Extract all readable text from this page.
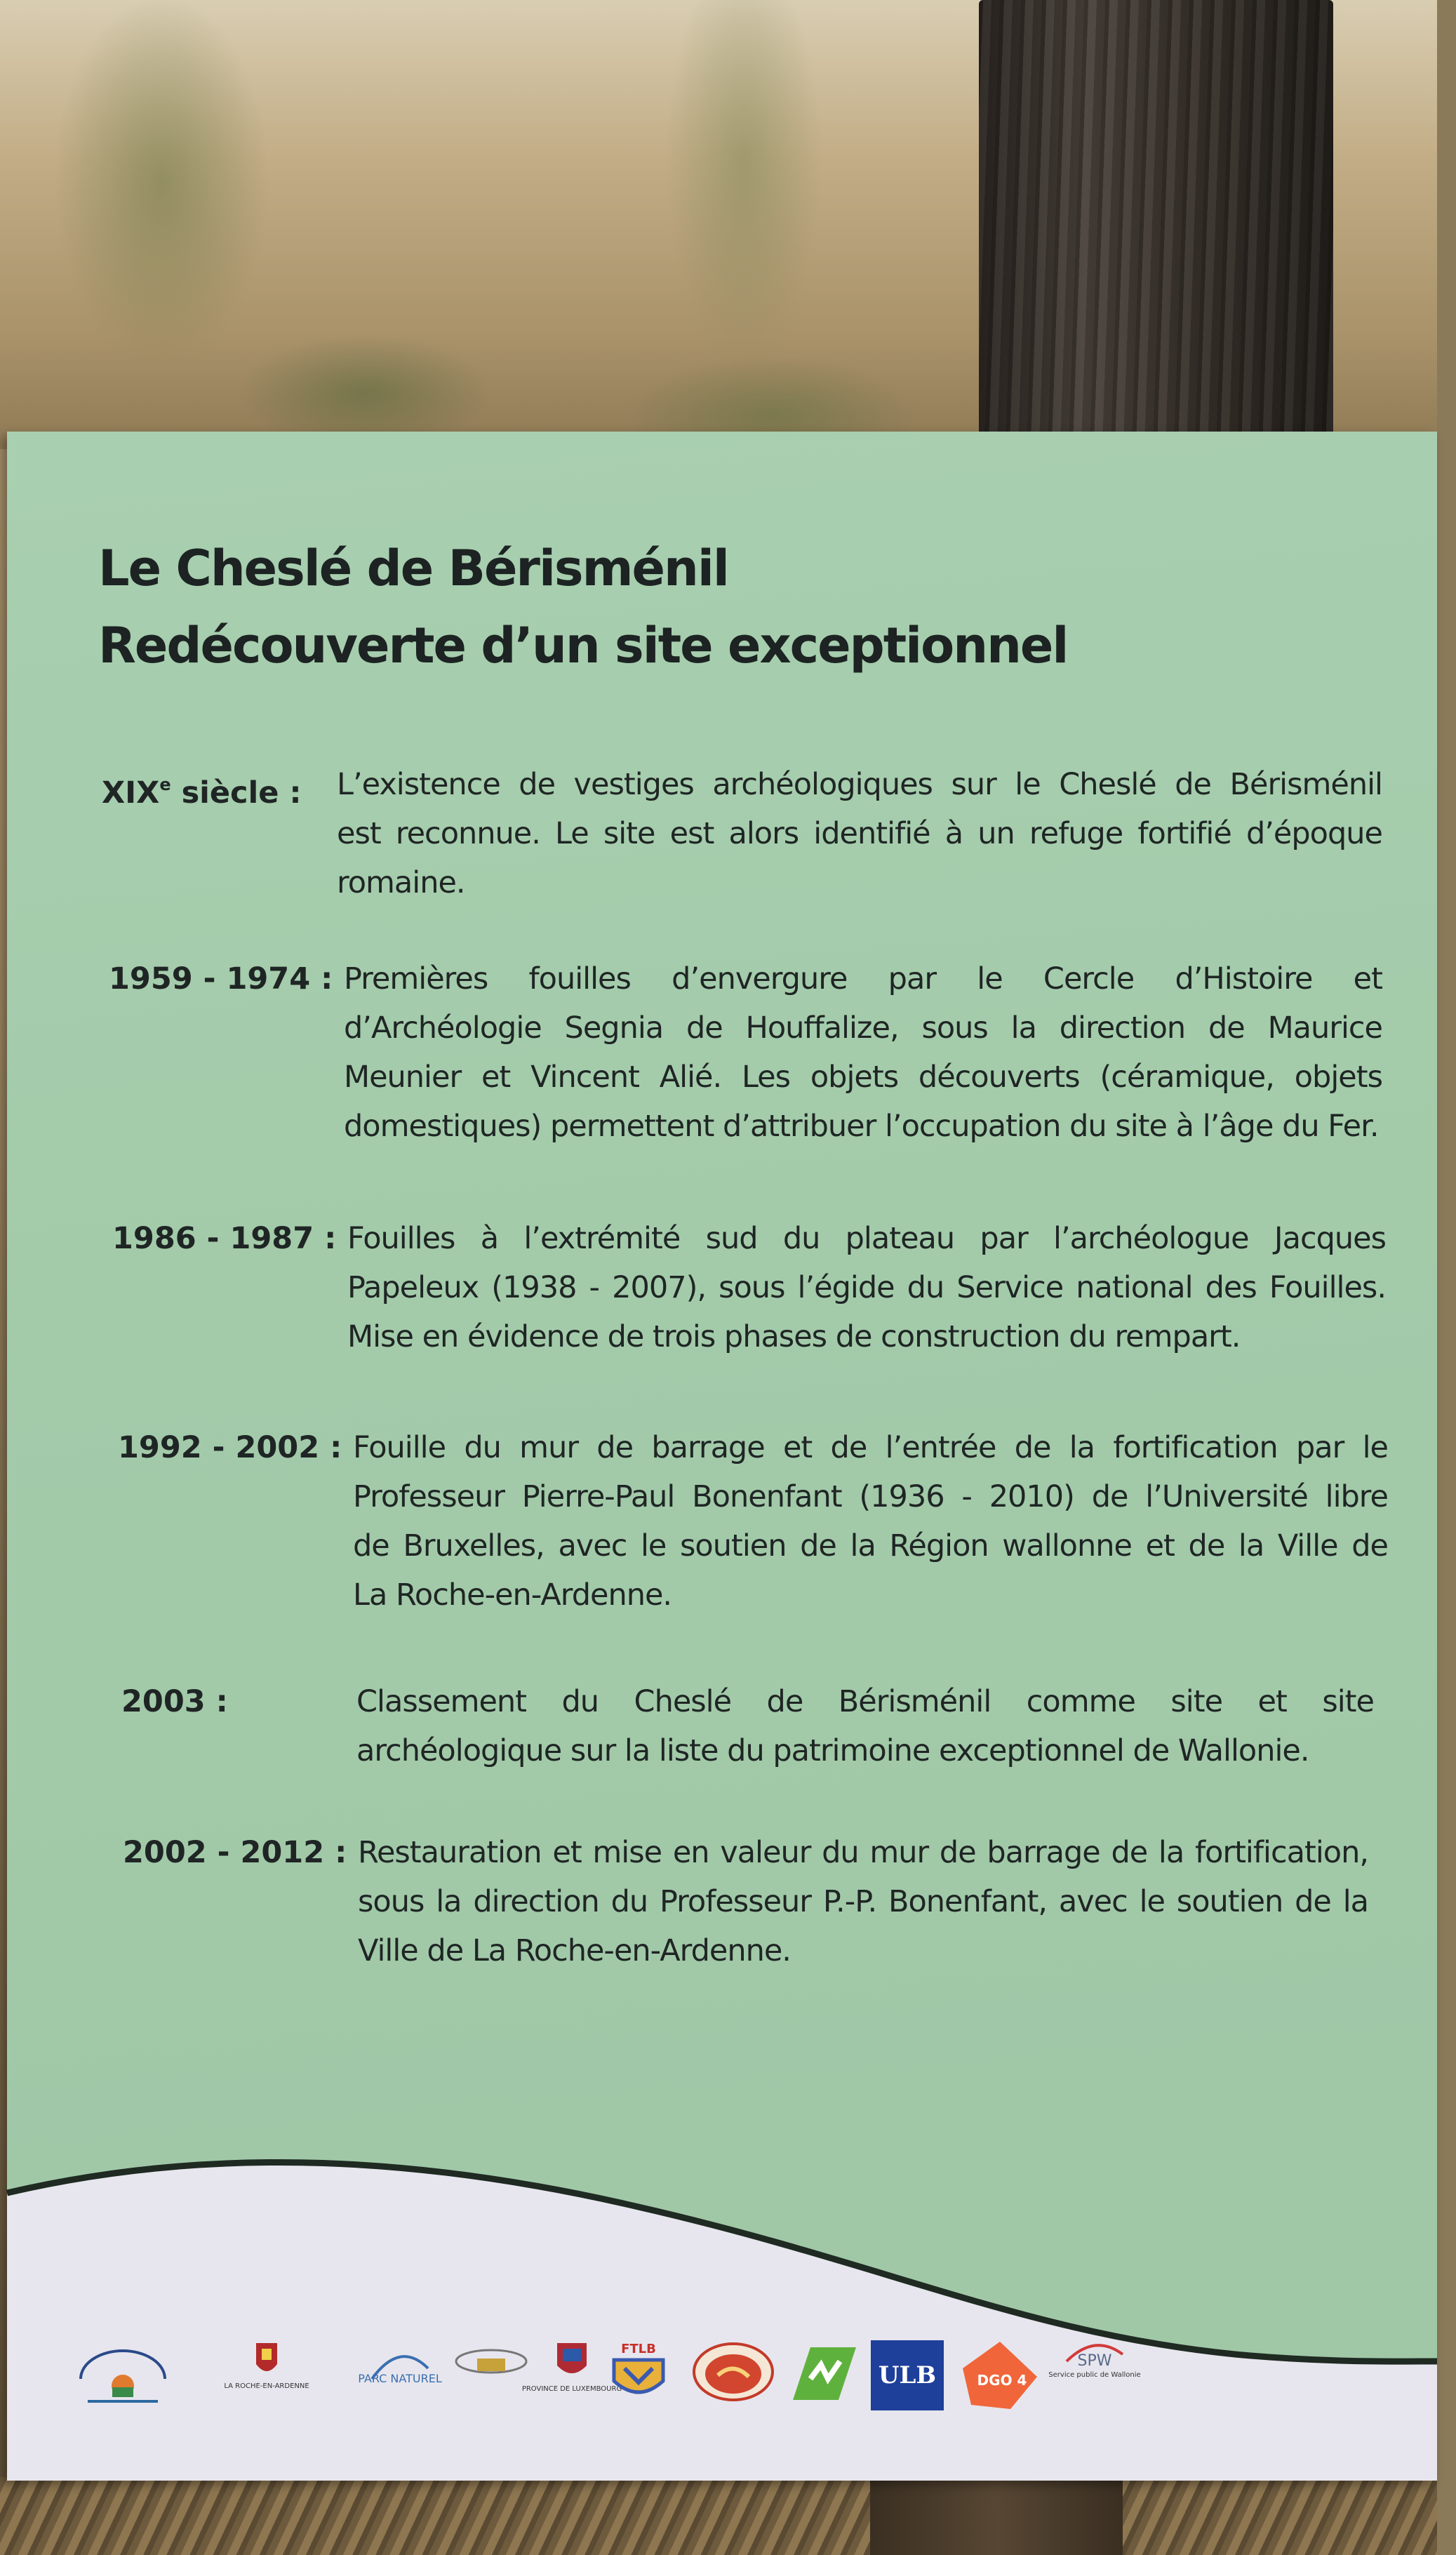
Le Cheslé de Bérisménil
Redécouverte d’un site exceptionnel
XIXe siècle : L’existence de vestiges archéologiques sur le Cheslé de Bérisménil
est reconnue. Le site est alors identifié à un refuge fortifié d’époque
romaine.
1959 - 1974 : Premières fouilles d’envergure par le Cercle d’Histoire et
d’Archéologie Segnia de Houffalize, sous la direction de Maurice
Meunier et Vincent Alié. Les objets découverts (céramique, objets
domestiques) permettent d’attribuer l’occupation du site à l’âge du Fer.
1986 - 1987 : Fouilles à l’extrémité sud du plateau par l’archéologue Jacques
Papeleux (1938 - 2007), sous l’égide du Service national des Fouilles.
Mise en évidence de trois phases de construction du rempart.
1992 - 2002 : Fouille du mur de barrage et de l’entrée de la fortification par le
Professeur Pierre-Paul Bonenfant (1936 - 2010) de l’Université libre
de Bruxelles, avec le soutien de la Région wallonne et de la Ville de
La Roche-en-Ardenne.
2003 :	Classement du Cheslé de Bérisménil comme site et site
archéologique sur la liste du patrimoine exceptionnel de Wallonie.
2002 - 2012 : Restauration et mise en valeur du mur de barrage de la fortification,
sous la direction du Professeur P.-P. Bonenfant, avec le soutien de la
Ville de La Roche-en-Ardenne.
LA ROCHE-EN-ARDENNE
PARC NATUREL
PROVINCE DE LUXEMBOURG
FTLB
ULB	DGO 4
SPW
Service public de Wallonie
